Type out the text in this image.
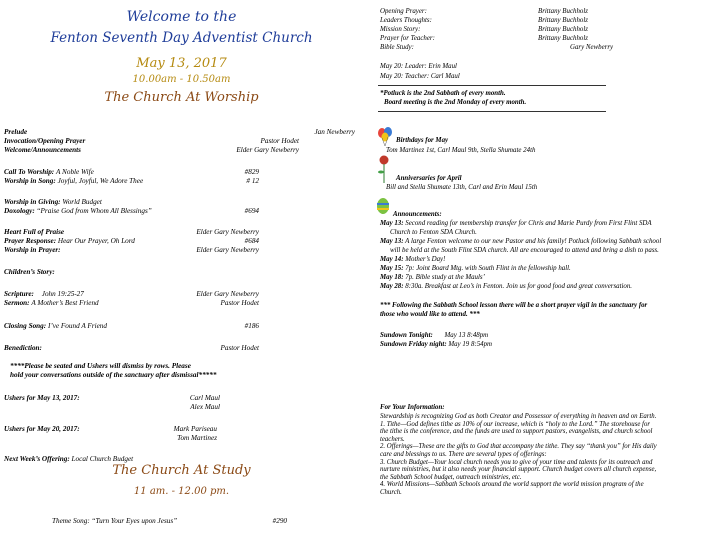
Welcome to the
Fenton Seventh Day Adventist Church
May 13, 2017
10.00am - 10.50am
The Church At Worship
Prelude	Jan Newberry
Invocation/Opening Prayer	Pastor Hodet
Welcome/Announcements	Elder Gary Newberry
Call To Worship: A Noble Wife	#829
Worship in Song: Joyful, Joyful, We Adore Thee	# 12
Worship in Giving: World Budget
Doxology: “Praise God from Whom All Blessings”	#694
Heart Full of Praise	Elder Gary Newberry
Prayer Response: Hear Our Prayer, Oh Lord	#684
Worship in Prayer:	Elder Gary Newberry
Children’s Story:
Scripture: John 19:25-27	Elder Gary Newberry
Sermon: A Mother’s Best Friend	Pastor Hodet
Closing Song: I’ve Found A Friend	#186
Benediction:	Pastor Hodet
****Please be seated and Ushers will dismiss by rows. Please
hold your conversations outside of the sanctuary after dismissal*****
Ushers for May 13, 2017:	Carl Maul
Alex Maul
Ushers for May 20, 2017:	Mark Pariseau
Tom Martinez
Next Week’s Offering: Local Church Budget
The Church At Study
11 am. - 12.00 pm.
Theme Song: “Turn Your Eyes upon Jesus”	#290
Opening Prayer:	Brittany Buchholz
Leaders Thoughts:	Brittany Buchholz
Mission Story:	Brittany Buchholz
Prayer for Teacher:	Brittany Buchholz
Bible Study:	Gary Newberry
May 20: Leader: Erin Maul
May 20: Teacher: Carl Maul
*Potluck is the 2nd Sabbath of every month.
Board meeting is the 2nd Monday of every month.
Birthdays for May
Tom Martinez 1st, Carl Maul 9th, Stella Shumate 24th
Anniversaries for April
Bill and Stella Shumate 13th, Carl and Erin Maul 15th
Announcements:
May 13: Second reading for membership transfer for Chris and Marie Purdy from First Flint SDA
Church to Fenton SDA Church.
May 13: A large Fenton welcome to our new Pastor and his family! Potluck following Sabbath school
will be held at the South Flint SDA church. All are encouraged to attend and bring a dish to pass.
May 14: Mother’s Day!
May 15: 7p: Joint Board Mtg. with South Flint in the fellowship hall.
May 18: 7p. Bible study at the Mauls’
May 28: 8:30a. Breakfast at Leo’s in Fenton. Join us for good food and great conversation.
*** Following the Sabbath School lesson there will be a short prayer vigil in the sanctuary for
those who would like to attend. ***
Sundown Tonight: May 13 8:48pm
Sundown Friday night: May 19 8:54pm
For Your Information:
Stewardship is recognizing God as both Creator and Possessor of everything in heaven and on Earth.
1. Tithe—God defines tithe as 10% of our increase, which is “holy to the Lord.” The storehouse for
the tithe is the conference, and the funds are used to support pastors, evangelists, and church school
teachers.
2. Offerings—These are the gifts to God that accompany the tithe. They say “thank you” for His daily
care and blessings to us. There are several types of offerings:
3. Church Budget—Your local church needs you to give of your time and talents for its outreach and
nurture ministries, but it also needs your financial support. Church budget covers all church expense,
the Sabbath School budget, outreach ministries, etc.
4. World Missions—Sabbath Schools around the world support the world mission program of the
Church.
